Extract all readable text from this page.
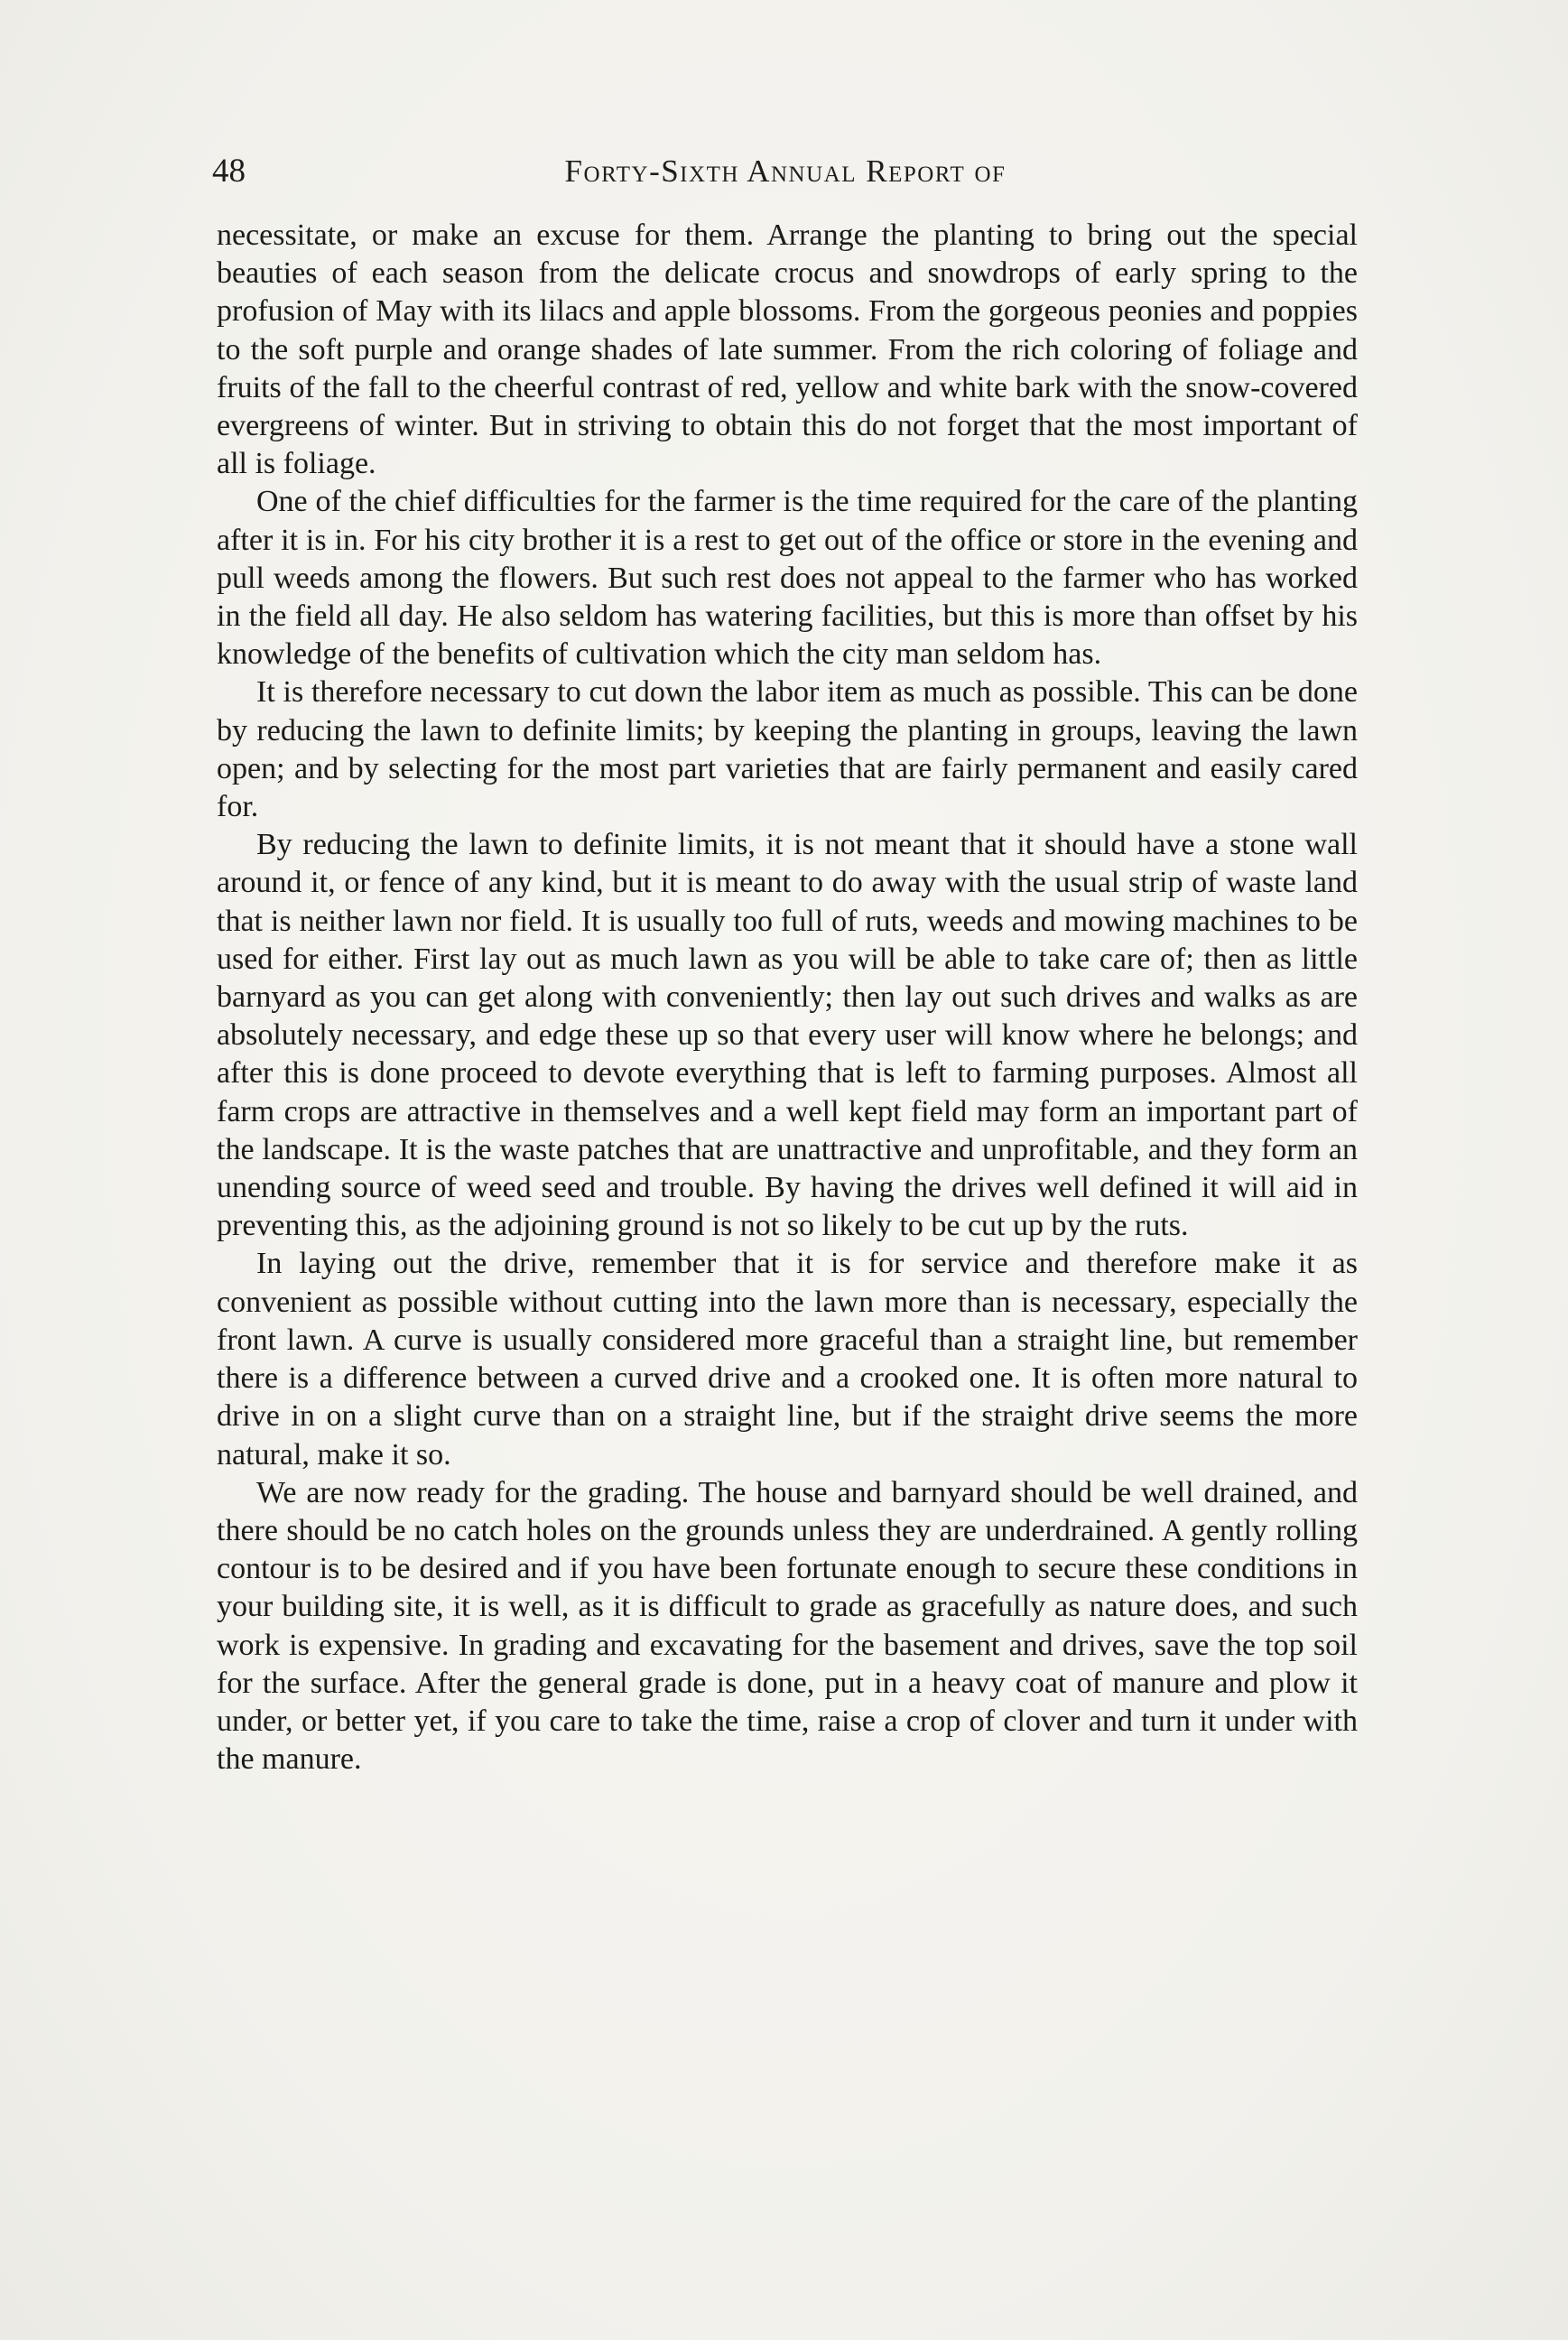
48	Forty-Sixth Annual Report of

necessitate, or make an excuse for them. Arrange the planting to bring out the special beauties of each season from the delicate crocus and snowdrops of early spring to the profusion of May with its lilacs and apple blossoms. From the gorgeous peonies and poppies to the soft purple and orange shades of late summer. From the rich coloring of foliage and fruits of the fall to the cheerful contrast of red, yellow and white bark with the snow-covered evergreens of winter. But in striving to obtain this do not forget that the most important of all is foliage.

One of the chief difficulties for the farmer is the time required for the care of the planting after it is in. For his city brother it is a rest to get out of the office or store in the evening and pull weeds among the flowers. But such rest does not appeal to the farmer who has worked in the field all day. He also seldom has watering facilities, but this is more than offset by his knowledge of the benefits of cultivation which the city man seldom has.

It is therefore necessary to cut down the labor item as much as possible. This can be done by reducing the lawn to definite limits; by keeping the planting in groups, leaving the lawn open; and by selecting for the most part varieties that are fairly permanent and easily cared for.

By reducing the lawn to definite limits, it is not meant that it should have a stone wall around it, or fence of any kind, but it is meant to do away with the usual strip of waste land that is neither lawn nor field. It is usually too full of ruts, weeds and mowing machines to be used for either. First lay out as much lawn as you will be able to take care of; then as little barnyard as you can get along with conveniently; then lay out such drives and walks as are absolutely necessary, and edge these up so that every user will know where he belongs; and after this is done proceed to devote everything that is left to farming purposes. Almost all farm crops are attractive in themselves and a well kept field may form an important part of the landscape. It is the waste patches that are unattractive and unprofitable, and they form an unending source of weed seed and trouble. By having the drives well defined it will aid in preventing this, as the adjoining ground is not so likely to be cut up by the ruts.

In laying out the drive, remember that it is for service and therefore make it as convenient as possible without cutting into the lawn more than is necessary, especially the front lawn. A curve is usually considered more graceful than a straight line, but remember there is a difference between a curved drive and a crooked one. It is often more natural to drive in on a slight curve than on a straight line, but if the straight drive seems the more natural, make it so.

We are now ready for the grading. The house and barnyard should be well drained, and there should be no catch holes on the grounds unless they are underdrained. A gently rolling contour is to be desired and if you have been fortunate enough to secure these conditions in your building site, it is well, as it is difficult to grade as gracefully as nature does, and such work is expensive. In grading and excavating for the basement and drives, save the top soil for the surface. After the general grade is done, put in a heavy coat of manure and plow it under, or better yet, if you care to take the time, raise a crop of clover and turn it under with the manure.
